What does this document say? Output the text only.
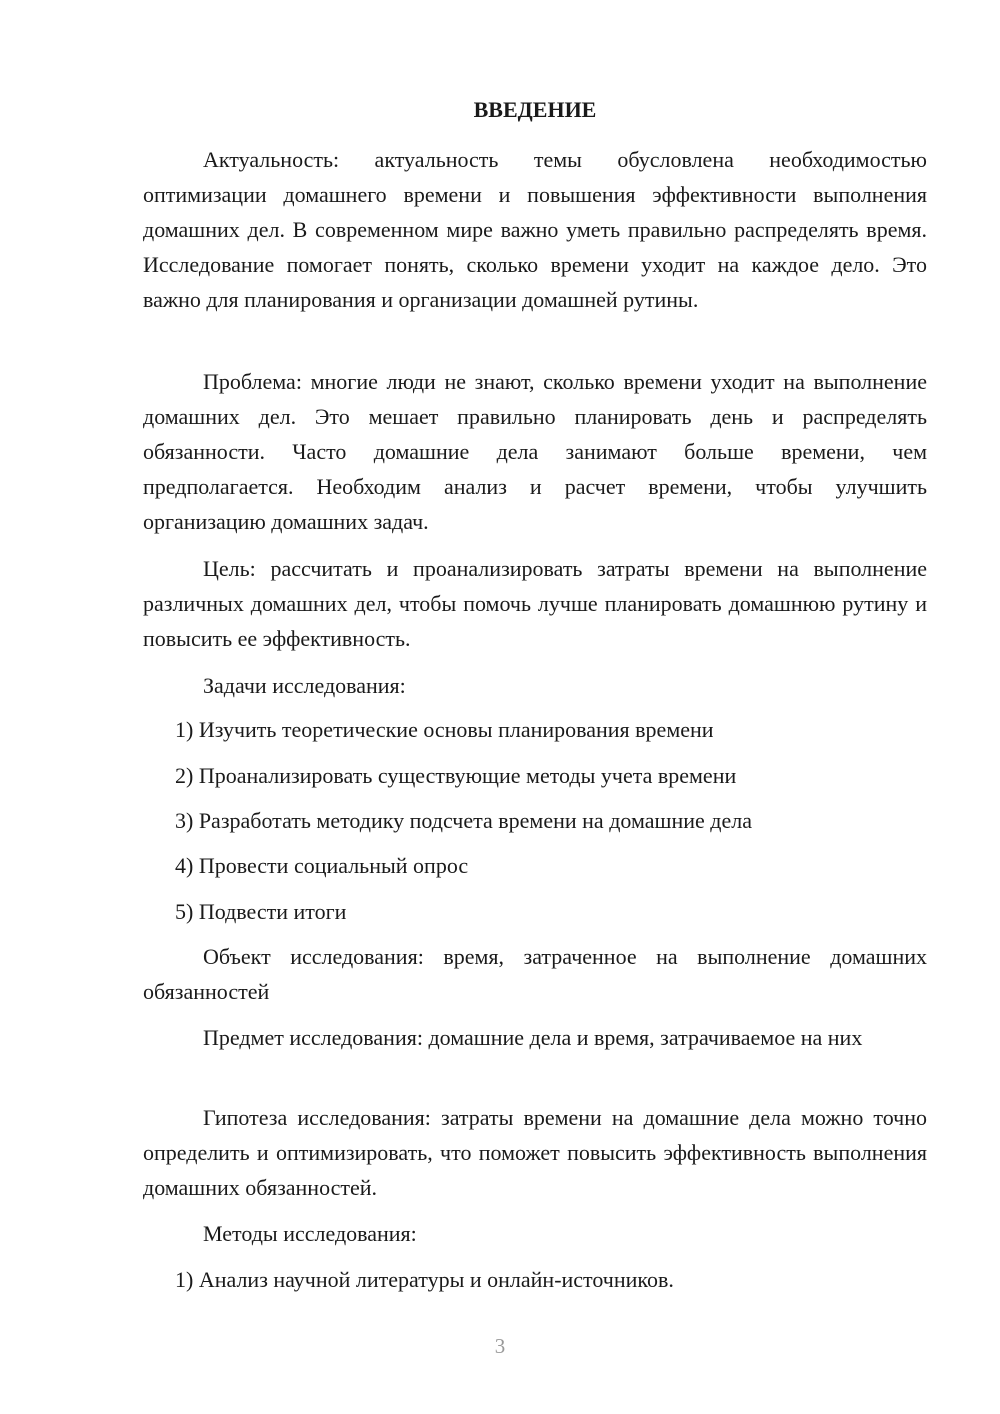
ВВЕДЕНИЕ

Актуальность: актуальность темы обусловлена необходимостью оптимизации домашнего времени и повышения эффективности выполнения домашних дел. В современном мире важно уметь правильно распределять время. Исследование помогает понять, сколько времени уходит на каждое дело. Это важно для планирования и организации домашней рутины.

Проблема: многие люди не знают, сколько времени уходит на выполнение домашних дел. Это мешает правильно планировать день и распределять обязанности. Часто домашние дела занимают больше времени, чем предполагается. Необходим анализ и расчет времени, чтобы улучшить организацию домашних задач.

Цель: рассчитать и проанализировать затраты времени на выполнение различных домашних дел, чтобы помочь лучше планировать домашнюю рутину и повысить ее эффективность.

Задачи исследования:

1) Изучить теоретические основы планирования времени

2) Проанализировать существующие методы учета времени

3) Разработать методику подсчета времени на домашние дела

4) Провести социальный опрос

5) Подвести итоги

Объект исследования: время, затраченное на выполнение домашних обязанностей

Предмет исследования: домашние дела и время, затрачиваемое на них

Гипотеза исследования: затраты времени на домашние дела можно точно определить и оптимизировать, что поможет повысить эффективность выполнения домашних обязанностей.

Методы исследования:

1) Анализ научной литературы и онлайн-источников.

3
